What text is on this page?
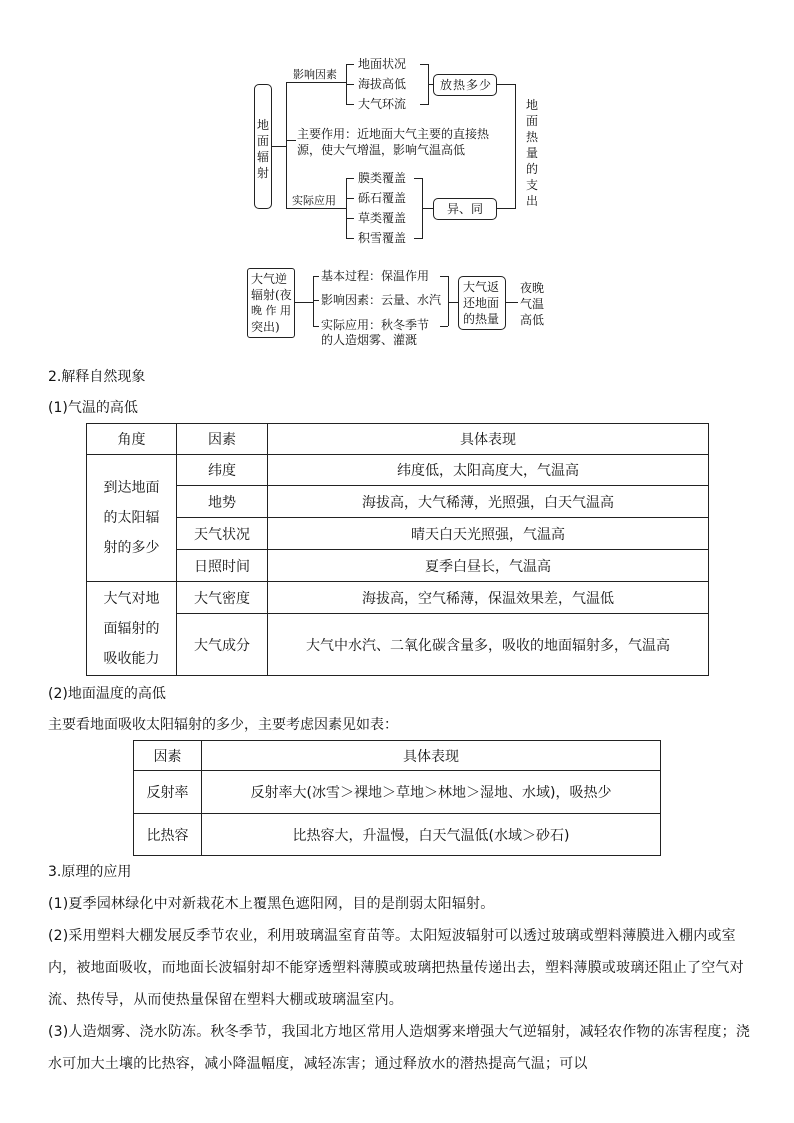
地
面
辐
射
影响因素
主要作用：近地面大气主要的直接热
源，使大气增温，影响气温高低
实际应用
地面状况
海拔高低
大气环流
放热多少
膜类覆盖
砾石覆盖
草类覆盖
积雪覆盖
异、同
地
面
热
量
的
支
出
大气逆
辐射(夜
晚 作 用
突出)
基本过程：保温作用
影响因素：云量、水汽
实际应用：秋冬季节
的人造烟雾、灌溉
大气返
还地面
的热量
夜晚
气温
高低
2.解释自然现象
(1)气温的高低
角度	因素	具体表现

到达地面
的太阳辐
射的多少	纬度	纬度低，太阳高度大，气温高
	地势	海拔高，大气稀薄，光照强，白天气温高
	天气状况	晴天白天光照强，气温高
	日照时间	夏季白昼长，气温高

大气对地
面辐射的
吸收能力	大气密度	海拔高，空气稀薄，保温效果差，气温低
	大气成分	大气中水汽、二氧化碳含量多，吸收的地面辐射多，气温高
(2)地面温度的高低
主要看地面吸收太阳辐射的多少，主要考虑因素见如表：
因素	具体表现
反射率	反射率大(冰雪＞裸地＞草地＞林地＞湿地、水域)，吸热少
比热容	比热容大，升温慢，白天气温低(水域＞砂石)
3.原理的应用
(1)夏季园林绿化中对新栽花木上覆黑色遮阳网，目的是削弱太阳辐射。
(2)采用塑料大棚发展反季节农业，利用玻璃温室育苗等。太阳短波辐射可以透过玻璃或塑料薄膜进入棚内或室内，被地面吸收，而地面长波辐射却不能穿透塑料薄膜或玻璃把热量传递出去，塑料薄膜或玻璃还阻止了空气对流、热传导，从而使热量保留在塑料大棚或玻璃温室内。
(3)人造烟雾、浇水防冻。秋冬季节，我国北方地区常用人造烟雾来增强大气逆辐射，减轻农作物的冻害程度；浇水可加大土壤的比热容，减小降温幅度，减轻冻害；通过释放水的潜热提高气温；可以
